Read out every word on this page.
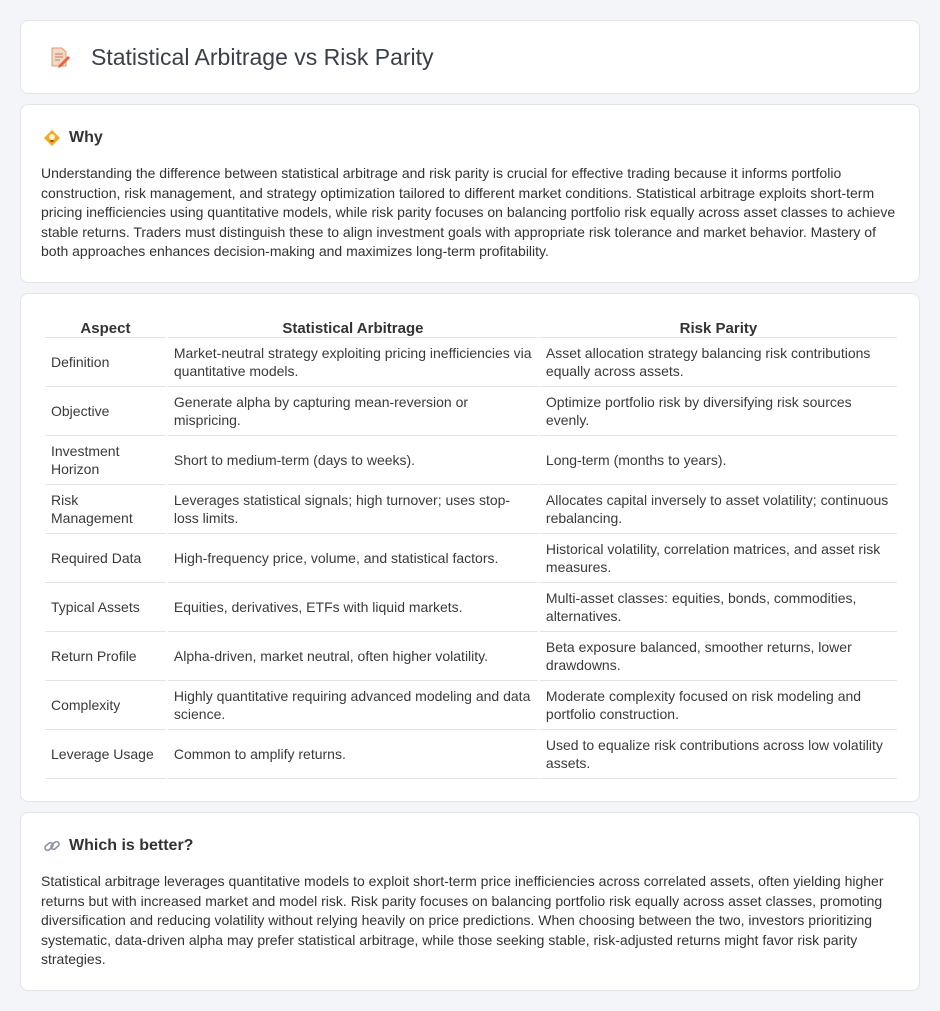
Statistical Arbitrage vs Risk Parity
Why

Understanding the difference between statistical arbitrage and risk parity is crucial for effective trading because it informs portfolio construction, risk management, and strategy optimization tailored to different market conditions. Statistical arbitrage exploits short-term pricing inefficiencies using quantitative models, while risk parity focuses on balancing portfolio risk equally across asset classes to achieve stable returns. Traders must distinguish these to align investment goals with appropriate risk tolerance and market behavior. Mastery of both approaches enhances decision-making and maximizes long-term profitability.

Aspect	Statistical Arbitrage	Risk Parity
Definition	Market-neutral strategy exploiting pricing inefficiencies via quantitative models.	Asset allocation strategy balancing risk contributions equally across assets.
Objective	Generate alpha by capturing mean-reversion or mispricing.	Optimize portfolio risk by diversifying risk sources evenly.
Investment Horizon	Short to medium-term (days to weeks).	Long-term (months to years).
Risk Management	Leverages statistical signals; high turnover; uses stop-loss limits.	Allocates capital inversely to asset volatility; continuous rebalancing.
Required Data	High-frequency price, volume, and statistical factors.	Historical volatility, correlation matrices, and asset risk measures.
Typical Assets	Equities, derivatives, ETFs with liquid markets.	Multi-asset classes: equities, bonds, commodities, alternatives.
Return Profile	Alpha-driven, market neutral, often higher volatility.	Beta exposure balanced, smoother returns, lower drawdowns.
Complexity	Highly quantitative requiring advanced modeling and data science.	Moderate complexity focused on risk modeling and portfolio construction.
Leverage Usage	Common to amplify returns.	Used to equalize risk contributions across low volatility assets.
Which is better?

Statistical arbitrage leverages quantitative models to exploit short-term price inefficiencies across correlated assets, often yielding higher returns but with increased market and model risk. Risk parity focuses on balancing portfolio risk equally across asset classes, promoting diversification and reducing volatility without relying heavily on price predictions. When choosing between the two, investors prioritizing systematic, data-driven alpha may prefer statistical arbitrage, while those seeking stable, risk-adjusted returns might favor risk parity strategies.
